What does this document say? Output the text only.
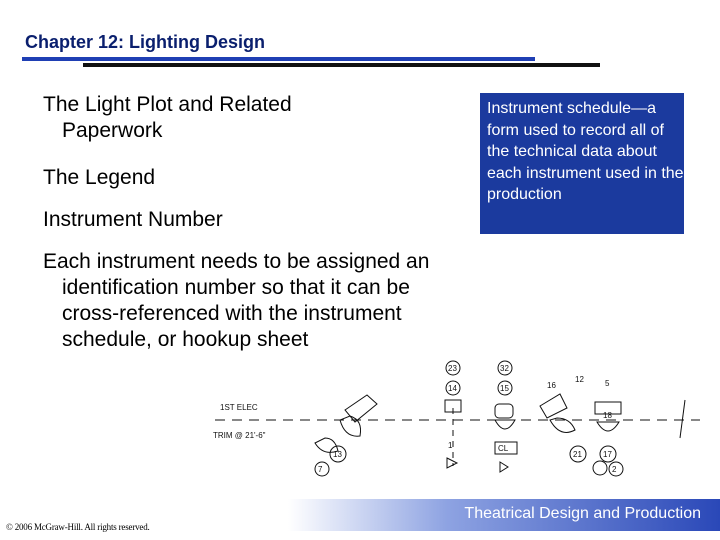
Chapter 12: Lighting Design
The Light Plot and Related
Paperwork
The Legend
Instrument Number
Each instrument needs to be assigned an
identification number so that it can be
cross-referenced with the instrument
schedule, or hookup sheet
Instrument schedule—a form used to record all of the technical data about each instrument used in the production
1ST ELEC
TRIM @ 21'-6"
23
14
13
32
15
12
16	5
18
17
21
1
7	2
CL
Theatrical Design and Production
© 2006 McGraw-Hill. All rights reserved.
